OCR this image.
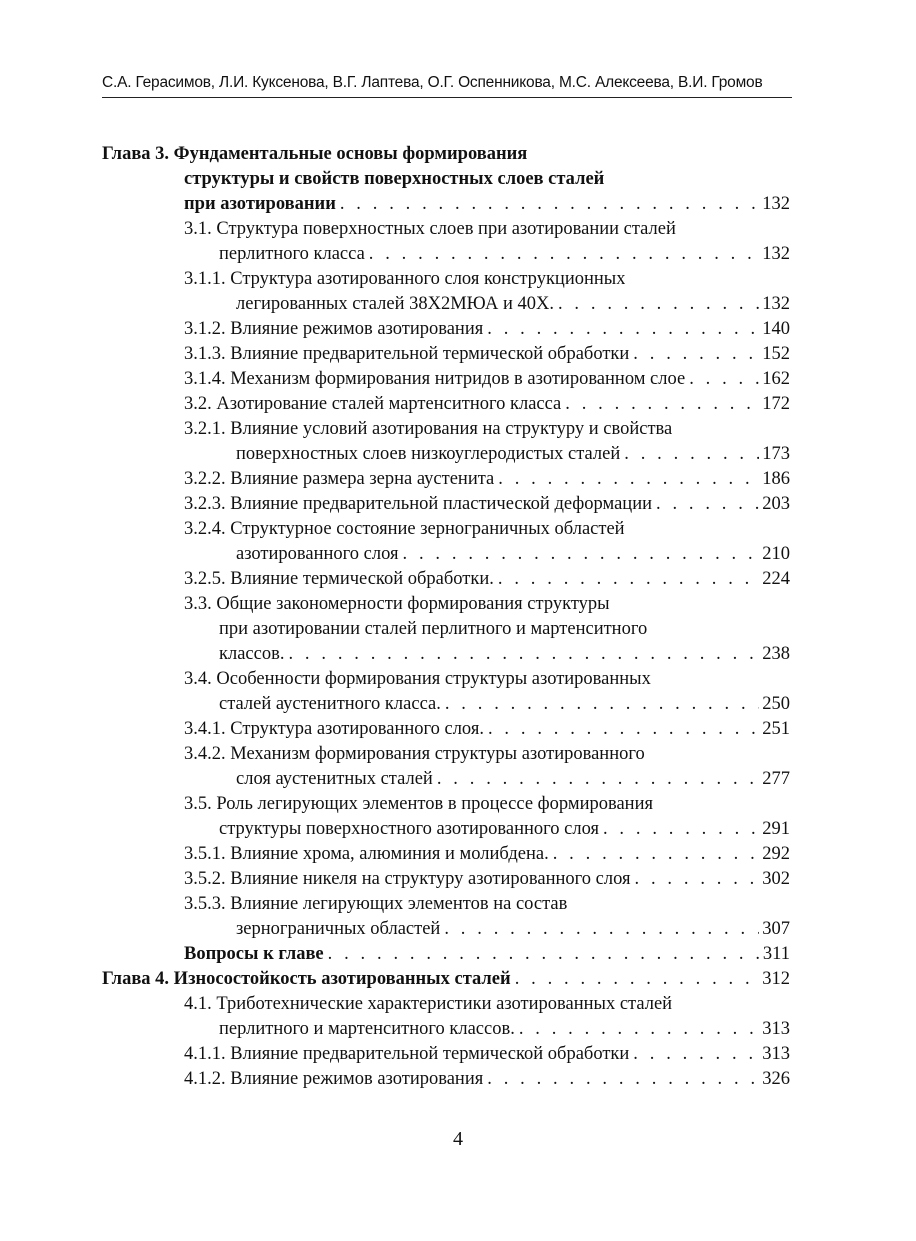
С.А. Герасимов, Л.И. Куксенова, В.Г. Лаптева, О.Г. Оспенникова, М.С. Алексеева, В.И. Громов
Глава 3. Фундаментальные основы формирования
структуры и свойств поверхностных слоев сталей
при азотировании . . .	132
3.1. Структура поверхностных слоев при азотировании сталей
перлитного класса . . .	132
3.1.1. Структура азотированного слоя конструкционных
легированных сталей 38Х2МЮА и 40Х. . . .	132
3.1.2. Влияние режимов азотирования . . .	140
3.1.3. Влияние предварительной термической обработки . . .	152
3.1.4. Механизм формирования нитридов в азотированном слое . . .	162
3.2. Азотирование сталей мартенситного класса . . .	172
3.2.1. Влияние условий азотирования на структуру и свойства
поверхностных слоев низкоуглеродистых сталей . . .	173
3.2.2. Влияние размера зерна аустенита . . .	186
3.2.3. Влияние предварительной пластической деформации . . .	203
3.2.4. Структурное состояние зернограничных областей
азотированного слоя . . .	210
3.2.5. Влияние термической обработки. . . .	224
3.3. Общие закономерности формирования структуры
при азотировании сталей перлитного и мартенситного
классов. . . .	238
3.4. Особенности формирования структуры азотированных
сталей аустенитного класса. . . .	250
3.4.1. Структура азотированного слоя. . . .	251
3.4.2. Механизм формирования структуры азотированного
слоя аустенитных сталей . . .	277
3.5. Роль легирующих элементов в процессе формирования
структуры поверхностного азотированного слоя . . .	291
3.5.1. Влияние хрома, алюминия и молибдена. . . .	292
3.5.2. Влияние никеля на структуру азотированного слоя . . .	302
3.5.3. Влияние легирующих элементов на состав
зернограничных областей . . .	307
Вопросы к главе . . .	311
Глава 4. Износостойкость азотированных сталей . . .	312
4.1. Триботехнические характеристики азотированных сталей
перлитного и мартенситного классов. . . .	313
4.1.1. Влияние предварительной термической обработки . . .	313
4.1.2. Влияние режимов азотирования . . .	326
4
